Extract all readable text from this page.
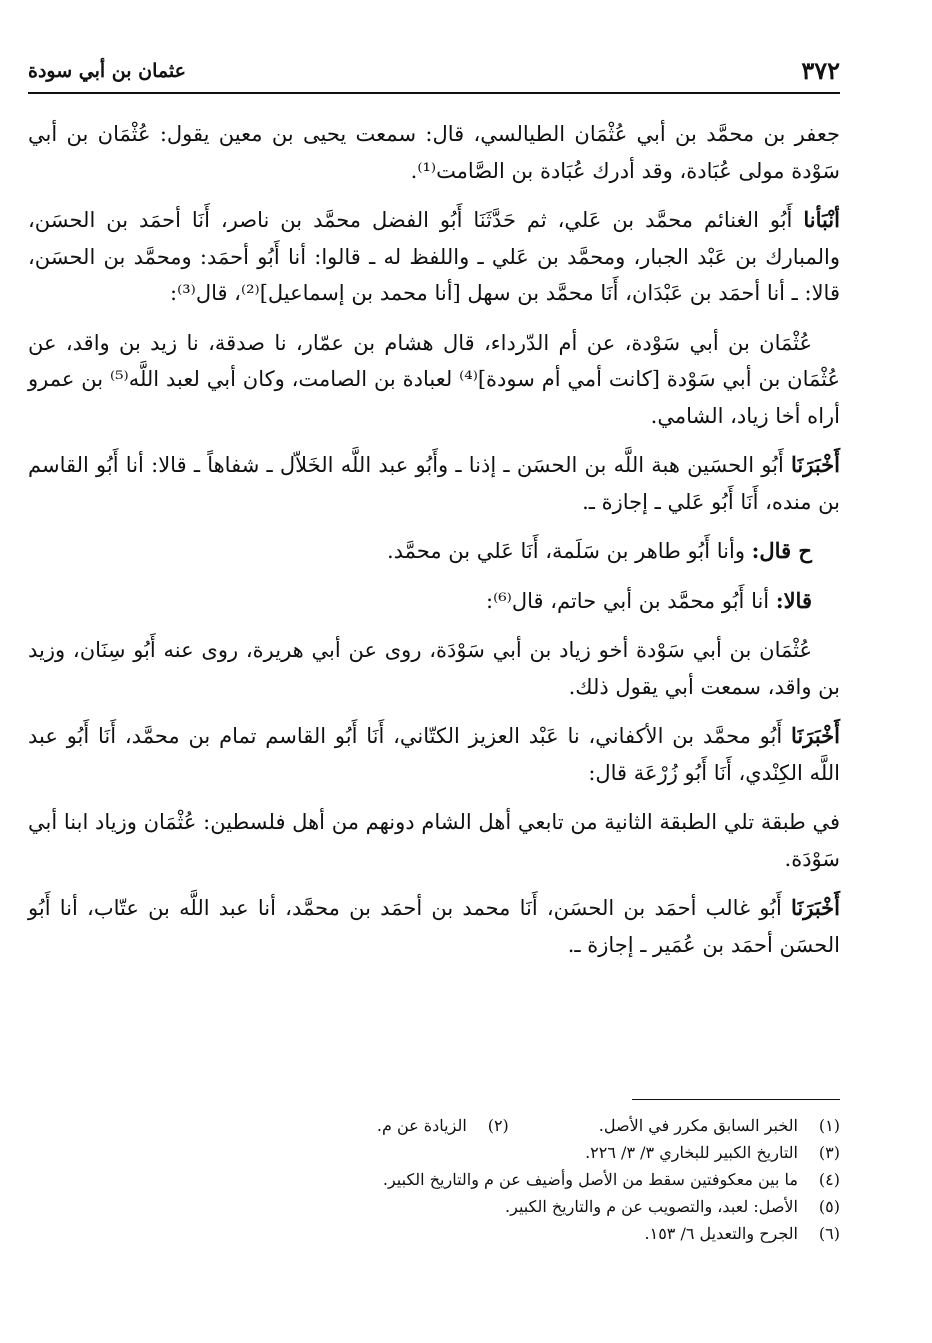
٣٧٢
عثمان بن أبي سودة

جعفر بن محمَّد بن أبي عُثْمَان الطيالسي، قال: سمعت يحيى بن معين يقول: عُثْمَان بن أبي سَوْدة مولى عُبَادة، وقد أدرك عُبَادة بن الصَّامت⁽¹⁾.

أنْبَأنا أَبُو الغنائم محمَّد بن عَلي، ثم حَدَّثَنَا أَبُو الفضل محمَّد بن ناصر، أَنَا أحمَد بن الحسَن، والمبارك بن عَبْد الجبار، ومحمَّد بن عَلي ـ واللفظ له ـ قالوا: أنا أَبُو أحمَد: ومحمَّد بن الحسَن، قالا: ـ أنا أحمَد بن عَبْدَان، أَنَا محمَّد بن سهل [أنا محمد بن إسماعيل]⁽²⁾، قال⁽³⁾:

عُثْمَان بن أبي سَوْدة، عن أم الدّرداء، قال هشام بن عمّار، نا صدقة، نا زيد بن واقد، عن عُثْمَان بن أبي سَوْدة [كانت أمي أم سودة]⁽⁴⁾ لعبادة بن الصامت، وكان أبي لعبد اللَّه⁽⁵⁾ بن عمرو أراه أخا زياد، الشامي.

أَخْبَرَنَا أَبُو الحسَين هبة اللَّه بن الحسَن ـ إذنا ـ وأَبُو عبد اللَّه الخَلاّل ـ شفاهاً ـ قالا: أنا أَبُو القاسم بن منده، أَنَا أَبُو عَلي ـ إجازة ـ.

ح قال: وأنا أَبُو طاهر بن سَلَمة، أَنَا عَلي بن محمَّد.

قالا: أنا أَبُو محمَّد بن أبي حاتم، قال⁽⁶⁾:

عُثْمَان بن أبي سَوْدة أخو زياد بن أبي سَوْدَة، روى عن أبي هريرة، روى عنه أَبُو سِنَان، وزيد بن واقد، سمعت أبي يقول ذلك.

أَخْبَرَنَا أَبُو محمَّد بن الأكفاني، نا عَبْد العزيز الكتّاني، أَنَا أَبُو القاسم تمام بن محمَّد، أَنَا أَبُو عبد اللَّه الكِنْدي، أَنَا أَبُو زُرْعَة قال:

في طبقة تلي الطبقة الثانية من تابعي أهل الشام دونهم من أهل فلسطين: عُثْمَان وزياد ابنا أبي سَوْدَة.

أَخْبَرَنَا أَبُو غالب أحمَد بن الحسَن، أَنَا محمد بن أحمَد بن محمَّد، أنا عبد اللَّه بن عتّاب، أنا أَبُو الحسَن أحمَد بن عُمَير ـ إجازة ـ.

(١)الخبر السابق مكرر في الأصل.
(٢)الزيادة عن م.
(٣)التاريخ الكبير للبخاري ٣/ ٣/ ٢٢٦.
(٤)ما بين معكوفتين سقط من الأصل وأضيف عن م والتاريخ الكبير.
(٥)الأصل: لعبد، والتصويب عن م والتاريخ الكبير.
(٦)الجرح والتعديل ٦/ ١٥٣.
